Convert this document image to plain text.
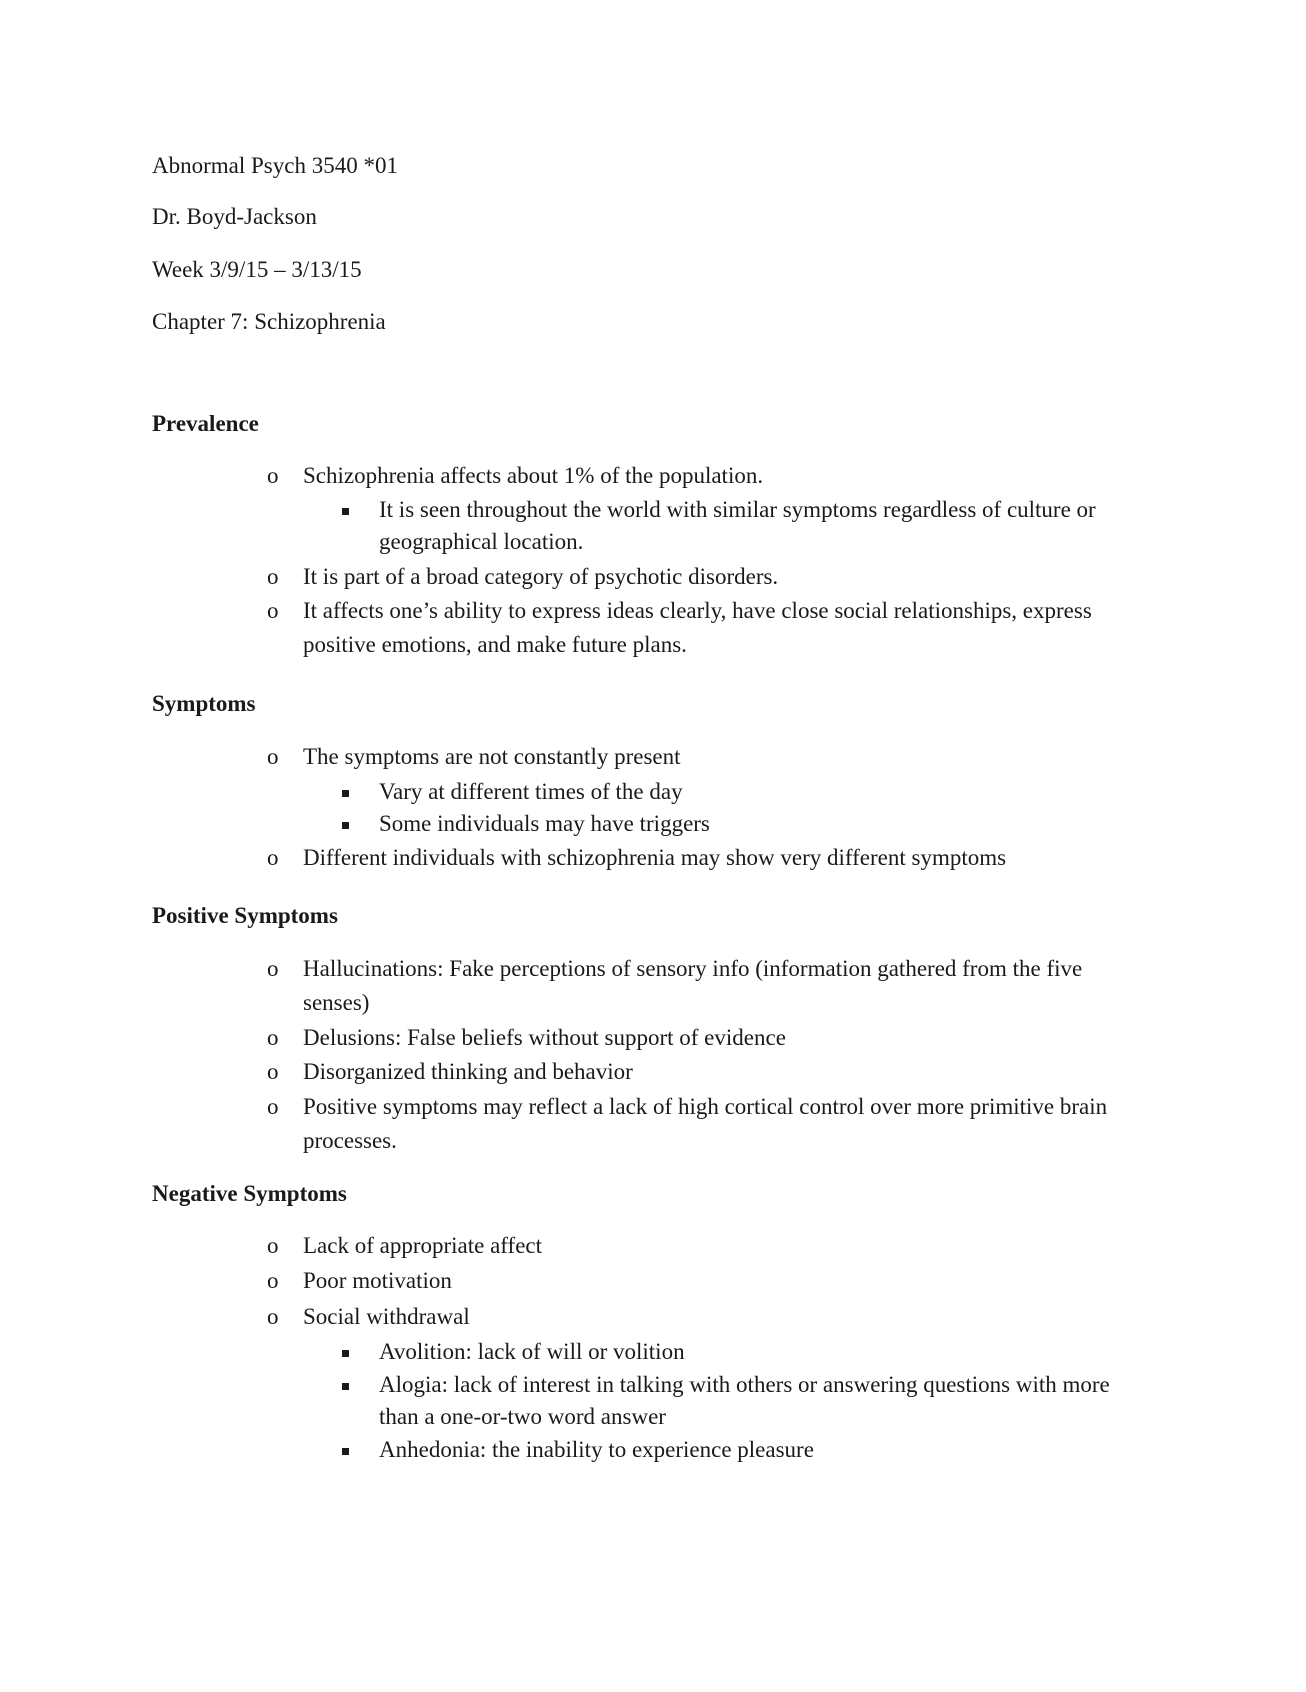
Abnormal Psych 3540 *01
Dr. Boyd-Jackson
Week 3/9/15 – 3/13/15
Chapter 7: Schizophrenia
Prevalence
o Schizophrenia affects about 1% of the population.
It is seen throughout the world with similar symptoms regardless of culture or geographical location.
o It is part of a broad category of psychotic disorders.
o It affects one’s ability to express ideas clearly, have close social relationships, express positive emotions, and make future plans.
Symptoms
o The symptoms are not constantly present
Vary at different times of the day
Some individuals may have triggers
o Different individuals with schizophrenia may show very different symptoms
Positive Symptoms
o Hallucinations: Fake perceptions of sensory info (information gathered from the five senses)
o Delusions: False beliefs without support of evidence
o Disorganized thinking and behavior
o Positive symptoms may reflect a lack of high cortical control over more primitive brain processes.
Negative Symptoms
o Lack of appropriate affect
o Poor motivation
o Social withdrawal
Avolition: lack of will or volition
Alogia: lack of interest in talking with others or answering questions with more than a one-or-two word answer
Anhedonia: the inability to experience pleasure
